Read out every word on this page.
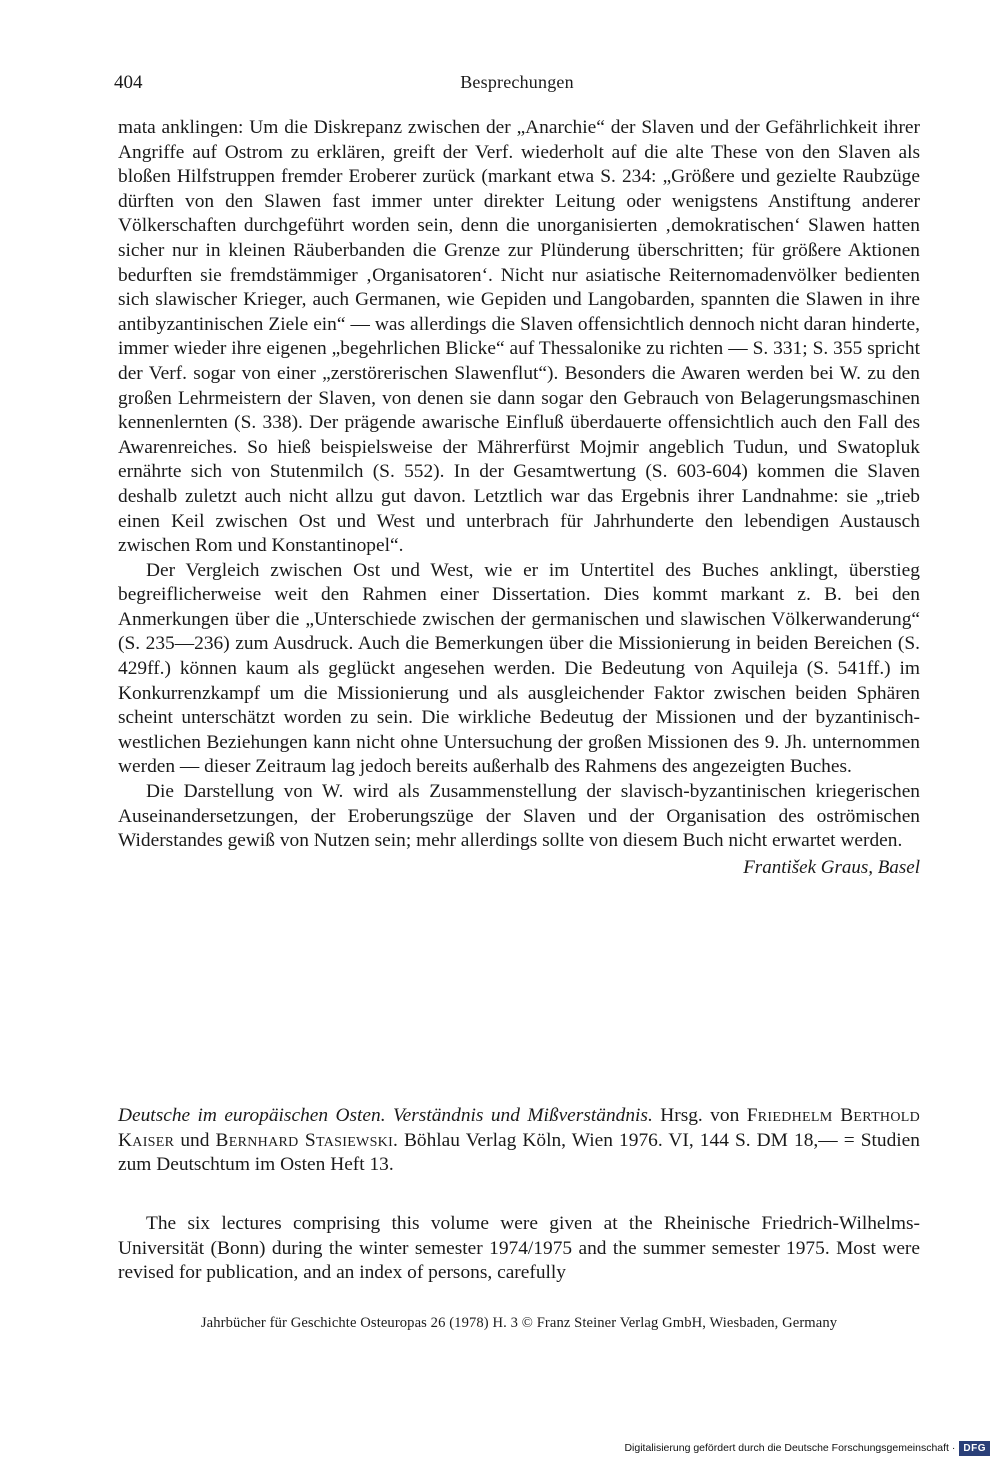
404	Besprechungen

mata anklingen: Um die Diskrepanz zwischen der „Anarchie“ der Slaven und der Gefährlichkeit ihrer Angriffe auf Ostrom zu erklären, greift der Verf. wiederholt auf die alte These von den Slaven als bloßen Hilfstruppen fremder Eroberer zurück (markant etwa S. 234: „Größere und gezielte Raubzüge dürften von den Slawen fast immer unter direkter Leitung oder wenigstens Anstiftung anderer Völkerschaften durchgeführt worden sein, denn die unorganisierten ‚demokratischen‘ Slawen hatten sicher nur in kleinen Räuberbanden die Grenze zur Plünderung überschritten; für größere Aktionen bedurften sie fremdstämmiger ‚Organisatoren‘. Nicht nur asiatische Reiternomadenvölker bedienten sich slawischer Krieger, auch Germanen, wie Gepiden und Langobarden, spannten die Slawen in ihre antibyzantinischen Ziele ein“ — was allerdings die Slaven offensichtlich dennoch nicht daran hinderte, immer wieder ihre eigenen „begehrlichen Blicke“ auf Thessalonike zu richten — S. 331; S. 355 spricht der Verf. sogar von einer „zerstörerischen Slawenflut“). Besonders die Awaren werden bei W. zu den großen Lehrmeistern der Slaven, von denen sie dann sogar den Gebrauch von Belagerungsmaschinen kennenlernten (S. 338). Der prägende awarische Einfluß überdauerte offensichtlich auch den Fall des Awarenreiches. So hieß beispielsweise der Mährerfürst Mojmir angeblich Tudun, und Swatopluk ernährte sich von Stutenmilch (S. 552). In der Gesamtwertung (S. 603-604) kommen die Slaven deshalb zuletzt auch nicht allzu gut davon. Letztlich war das Ergebnis ihrer Landnahme: sie „trieb einen Keil zwischen Ost und West und unterbrach für Jahrhunderte den lebendigen Austausch zwischen Rom und Konstantinopel“.

Der Vergleich zwischen Ost und West, wie er im Untertitel des Buches anklingt, überstieg begreiflicherweise weit den Rahmen einer Dissertation. Dies kommt markant z. B. bei den Anmerkungen über die „Unterschiede zwischen der germanischen und slawischen Völkerwanderung“ (S. 235—236) zum Ausdruck. Auch die Bemerkungen über die Missionierung in beiden Bereichen (S. 429ff.) können kaum als geglückt angesehen werden. Die Bedeutung von Aquileja (S. 541ff.) im Konkurrenzkampf um die Missionierung und als ausgleichender Faktor zwischen beiden Sphären scheint unterschätzt worden zu sein. Die wirkliche Bedeutug der Missionen und der byzantinisch-westlichen Beziehungen kann nicht ohne Untersuchung der großen Missionen des 9. Jh. unternommen werden — dieser Zeitraum lag jedoch bereits außerhalb des Rahmens des angezeigten Buches.

Die Darstellung von W. wird als Zusammenstellung der slavisch-byzantinischen kriegerischen Auseinandersetzungen, der Eroberungszüge der Slaven und der Organisation des oströmischen Widerstandes gewiß von Nutzen sein; mehr allerdings sollte von diesem Buch nicht erwartet werden.

František Graus, Basel
Deutsche im europäischen Osten. Verständnis und Mißverständnis. Hrsg. von Friedhelm Berthold Kaiser und Bernhard Stasiewski. Böhlau Verlag Köln, Wien 1976. VI, 144 S. DM 18,— = Studien zum Deutschtum im Osten Heft 13.

The six lectures comprising this volume were given at the Rheinische Friedrich-Wilhelms-Universität (Bonn) during the winter semester 1974/1975 and the summer semester 1975. Most were revised for publication, and an index of persons, carefully

Jahrbücher für Geschichte Osteuropas 26 (1978) H. 3 © Franz Steiner Verlag GmbH, Wiesbaden, Germany
Digitalisierung gefördert durch die Deutsche Forschungsgemeinschaft · DFG
